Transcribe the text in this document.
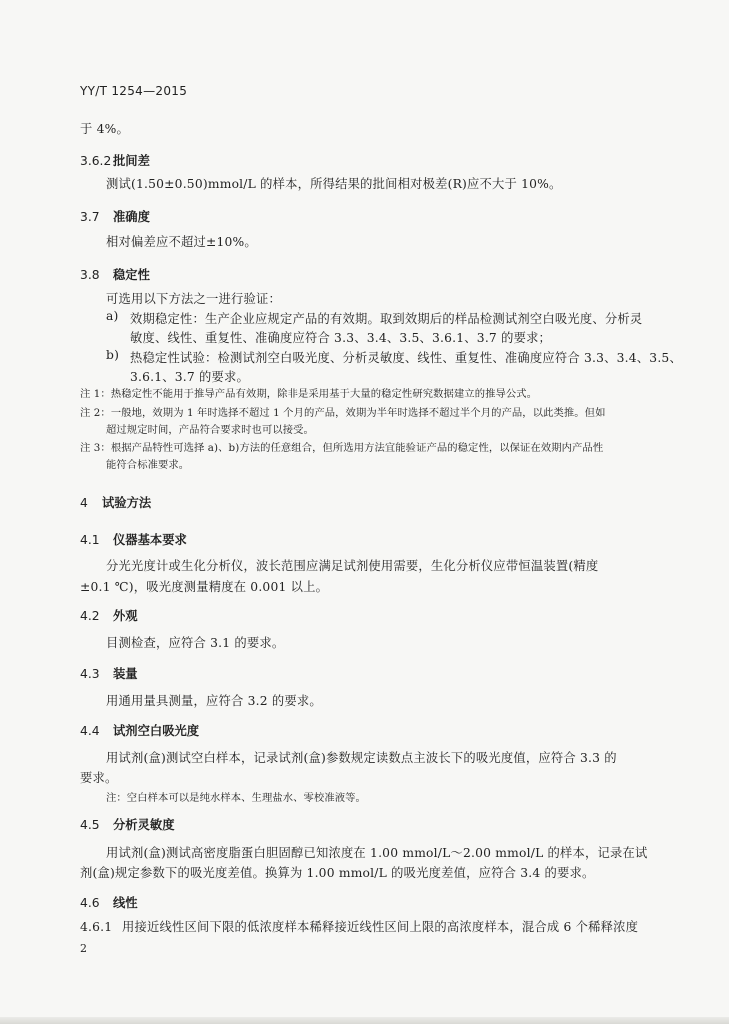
YY/T 1254—2015
于 4%。
3.6.2 批间差
测试(1.50±0.50)mmol/L 的样本，所得结果的批间相对极差(R)应不大于 10%。
3.7 准确度
相对偏差应不超过±10%。
3.8 稳定性
可选用以下方法之一进行验证：
a) 效期稳定性：生产企业应规定产品的有效期。取到效期后的样品检测试剂空白吸光度、分析灵
敏度、线性、重复性、准确度应符合 3.3、3.4、3.5、3.6.1、3.7 的要求；
b) 热稳定性试验：检测试剂空白吸光度、分析灵敏度、线性、重复性、准确度应符合 3.3、3.4、3.5、
3.6.1、3.7 的要求。
注 1：热稳定性不能用于推导产品有效期，除非是采用基于大量的稳定性研究数据建立的推导公式。
注 2：一般地，效期为 1 年时选择不超过 1 个月的产品，效期为半年时选择不超过半个月的产品，以此类推。但如
超过规定时间，产品符合要求时也可以接受。
注 3：根据产品特性可选择 a)、b)方法的任意组合，但所选用方法宜能验证产品的稳定性，以保证在效期内产品性
能符合标准要求。
4 试验方法
4.1 仪器基本要求
分光光度计或生化分析仪，波长范围应满足试剂使用需要，生化分析仪应带恒温装置(精度
±0.1 ℃)，吸光度测量精度在 0.001 以上。
4.2 外观
目测检查，应符合 3.1 的要求。
4.3 装量
用通用量具测量，应符合 3.2 的要求。
4.4 试剂空白吸光度
用试剂(盒)测试空白样本，记录试剂(盒)参数规定读数点主波长下的吸光度值，应符合 3.3 的
要求。
注：空白样本可以是纯水样本、生理盐水、零校准液等。
4.5 分析灵敏度
用试剂(盒)测试高密度脂蛋白胆固醇已知浓度在 1.00 mmol/L～2.00 mmol/L 的样本，记录在试
剂(盒)规定参数下的吸光度差值。换算为 1.00 mmol/L 的吸光度差值，应符合 3.4 的要求。
4.6 线性
4.6.1 用接近线性区间下限的低浓度样本稀释接近线性区间上限的高浓度样本，混合成 6 个稀释浓度
2
